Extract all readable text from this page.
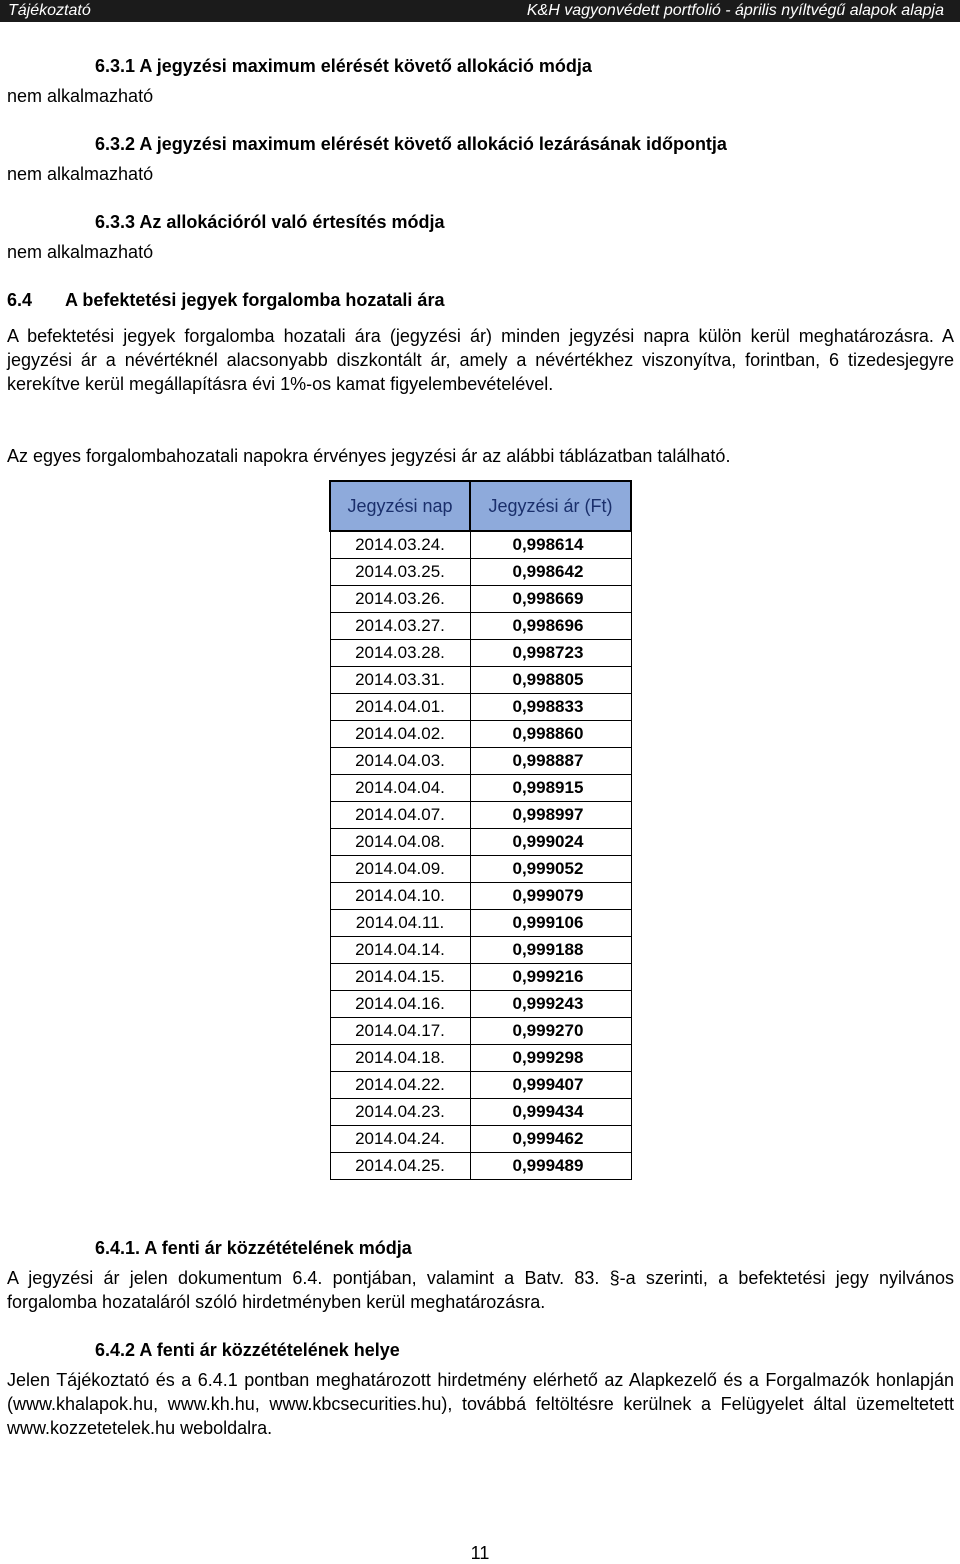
Tájékoztató	K&H vagyonvédett portfolió - április nyíltvégű alapok alapja
6.3.1 A jegyzési maximum elérését követő allokáció módja
nem alkalmazható
6.3.2 A jegyzési maximum elérését követő allokáció lezárásának időpontja
nem alkalmazható
6.3.3 Az allokációról való értesítés módja
nem alkalmazható
6.4 A befektetési jegyek forgalomba hozatali ára
A befektetési jegyek forgalomba hozatali ára (jegyzési ár) minden jegyzési napra külön kerül meghatározásra. A jegyzési ár a névértéknél alacsonyabb diszkontált ár, amely a névértékhez viszonyítva, forintban, 6 tizedesjegyre kerekítve kerül megállapításra évi 1%-os kamat figyelembevételével.
Az egyes forgalombahozatali napokra érvényes jegyzési ár az alábbi táblázatban található.
Jegyzési nap	Jegyzési ár (Ft)
2014.03.24.	0,998614
2014.03.25.	0,998642
2014.03.26.	0,998669
2014.03.27.	0,998696
2014.03.28.	0,998723
2014.03.31.	0,998805
2014.04.01.	0,998833
2014.04.02.	0,998860
2014.04.03.	0,998887
2014.04.04.	0,998915
2014.04.07.	0,998997
2014.04.08.	0,999024
2014.04.09.	0,999052
2014.04.10.	0,999079
2014.04.11.	0,999106
2014.04.14.	0,999188
2014.04.15.	0,999216
2014.04.16.	0,999243
2014.04.17.	0,999270
2014.04.18.	0,999298
2014.04.22.	0,999407
2014.04.23.	0,999434
2014.04.24.	0,999462
2014.04.25.	0,999489
6.4.1. A fenti ár közzétételének módja
A jegyzési ár jelen dokumentum 6.4. pontjában, valamint a Batv. 83. §-a szerinti, a befektetési jegy nyilvános forgalomba hozataláról szóló hirdetményben kerül meghatározásra.
6.4.2 A fenti ár közzétételének helye
Jelen Tájékoztató és a 6.4.1 pontban meghatározott hirdetmény elérhető az Alapkezelő és a Forgalmazók honlapján (www.khalapok.hu, www.kh.hu, www.kbcsecurities.hu), továbbá feltöltésre kerülnek a Felügyelet által üzemeltetett www.kozzetetelek.hu weboldalra.
11
